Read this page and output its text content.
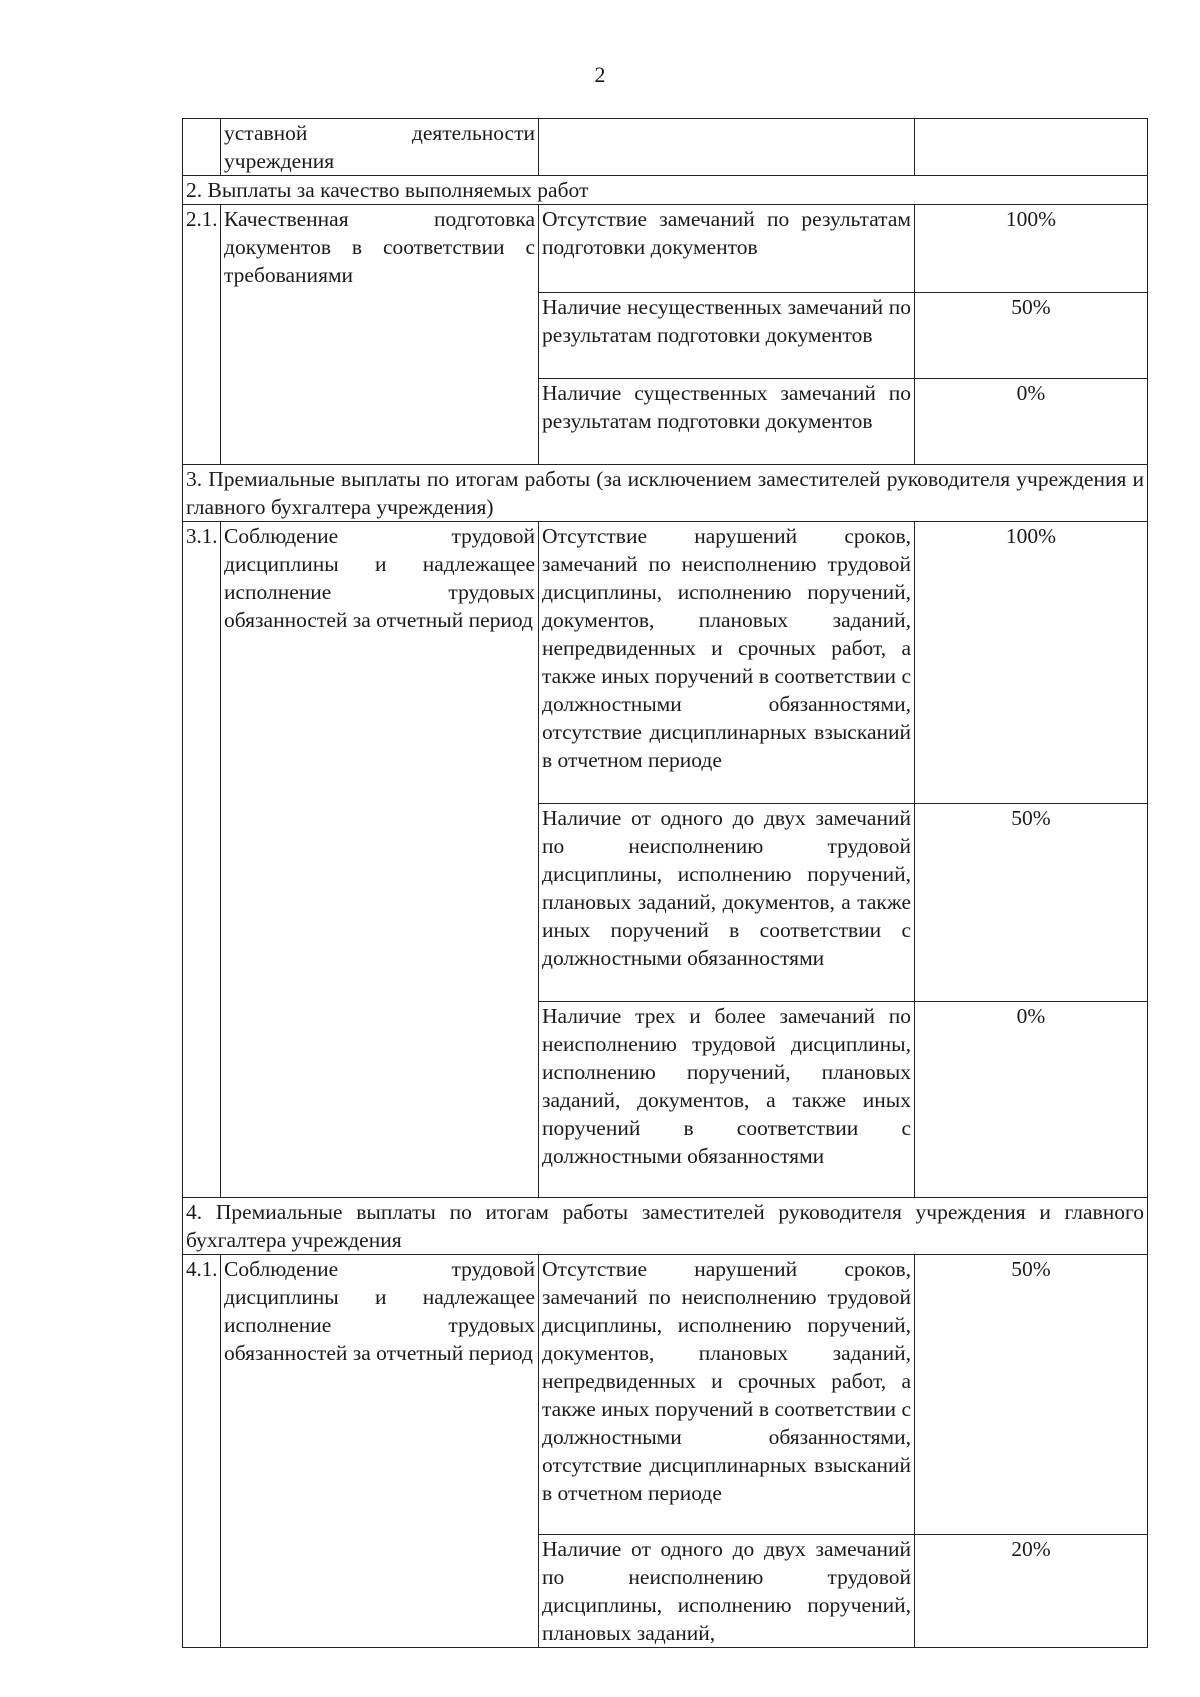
2
	уставной деятельности учреждения		
2. Выплаты за качество выполняемых работ			
2.1.	Качественная подготовка документов в соответствии с требованиями	Отсутствие замечаний по результатам подготовки документов	100%
		Наличие несущественных замечаний по результатам подготовки документов	50%
		Наличие существенных замечаний по результатам подготовки документов	0%
3. Премиальные выплаты по итогам работы (за исключением заместителей руководителя учреждения и главного бухгалтера учреждения)			
3.1.	Соблюдение трудовой дисциплины и надлежащее исполнение трудовых обязанностей за отчетный период	Отсутствие нарушений сроков, замечаний по неисполнению трудовой дисциплины, исполнению поручений, документов, плановых заданий, непредвиденных и срочных работ, а также иных поручений в соответствии с должностными обязанностями, отсутствие дисциплинарных взысканий в отчетном периоде	100%
		Наличие от одного до двух замечаний по неисполнению трудовой дисциплины, исполнению поручений, плановых заданий, документов, а также иных поручений в соответствии с должностными обязанностями	50%
		Наличие трех и более замечаний по неисполнению трудовой дисциплины, исполнению поручений, плановых заданий, документов, а также иных поручений в соответствии с должностными обязанностями	0%
4. Премиальные выплаты по итогам работы заместителей руководителя учреждения и главного бухгалтера учреждения			
4.1.	Соблюдение трудовой дисциплины и надлежащее исполнение трудовых обязанностей за отчетный период	Отсутствие нарушений сроков, замечаний по неисполнению трудовой дисциплины, исполнению поручений, документов, плановых заданий, непредвиденных и срочных работ, а также иных поручений в соответствии с должностными обязанностями, отсутствие дисциплинарных взысканий в отчетном периоде	50%
		Наличие от одного до двух замечаний по неисполнению трудовой дисциплины, исполнению поручений, плановых заданий,	20%
